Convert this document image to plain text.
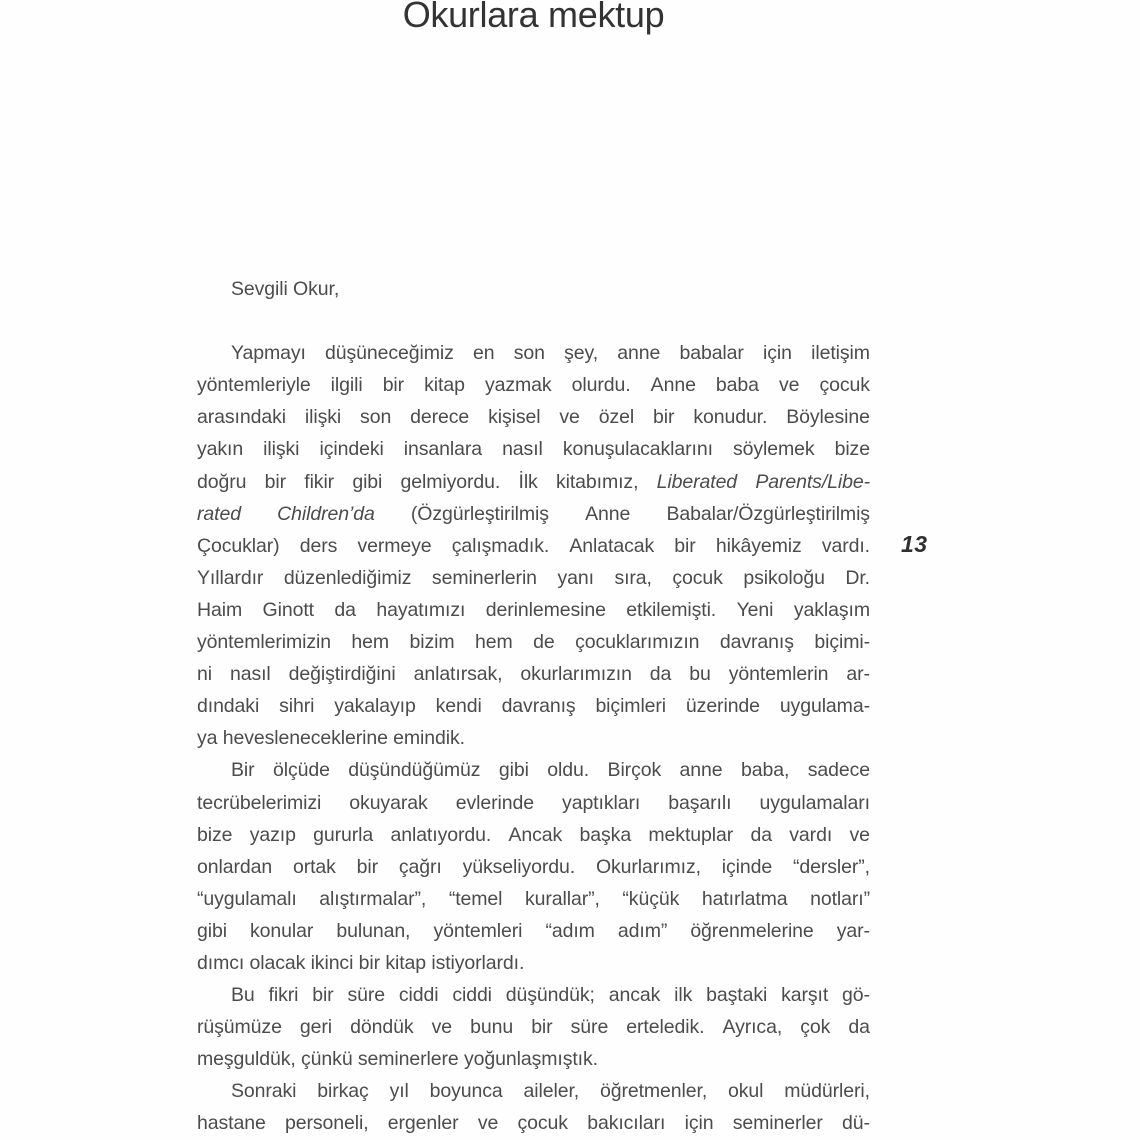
Okurlara mektup
Sevgili Okur,
Yapmayı düşüneceğimiz en son şey, anne babalar için iletişim
yöntemleriyle ilgili bir kitap yazmak olurdu. Anne baba ve çocuk
arasındaki ilişki son derece kişisel ve özel bir konudur. Böylesine
yakın ilişki içindeki insanlara nasıl konuşulacaklarını söylemek bize
doğru bir fikir gibi gelmiyordu. İlk kitabımız, Liberated Parents/Libe-
rated Children’da (Özgürleştirilmiş Anne Babalar/Özgürleştirilmiş
Çocuklar) ders vermeye çalışmadık. Anlatacak bir hikâyemiz vardı.
Yıllardır düzenlediğimiz seminerlerin yanı sıra, çocuk psikoloğu Dr.
Haim Ginott da hayatımızı derinlemesine etkilemişti. Yeni yaklaşım
yöntemlerimizin hem bizim hem de çocuklarımızın davranış biçimi-
ni nasıl değiştirdiğini anlatırsak, okurlarımızın da bu yöntemlerin ar-
dındaki sihri yakalayıp kendi davranış biçimleri üzerinde uygulama-
ya hevesleneceklerine emindik.
Bir ölçüde düşündüğümüz gibi oldu. Birçok anne baba, sadece
tecrübelerimizi okuyarak evlerinde yaptıkları başarılı uygulamaları
bize yazıp gururla anlatıyordu. Ancak başka mektuplar da vardı ve
onlardan ortak bir çağrı yükseliyordu. Okurlarımız, içinde “dersler”,
“uygulamalı alıştırmalar”, “temel kurallar”, “küçük hatırlatma notları”
gibi konular bulunan, yöntemleri “adım adım” öğrenmelerine yar-
dımcı olacak ikinci bir kitap istiyorlardı.
Bu fikri bir süre ciddi ciddi düşündük; ancak ilk baştaki karşıt gö-
rüşümüze geri döndük ve bunu bir süre erteledik. Ayrıca, çok da
meşguldük, çünkü seminerlere yoğunlaşmıştık.
Sonraki birkaç yıl boyunca aileler, öğretmenler, okul müdürleri,
hastane personeli, ergenler ve çocuk bakıcıları için seminerler dü-
13
